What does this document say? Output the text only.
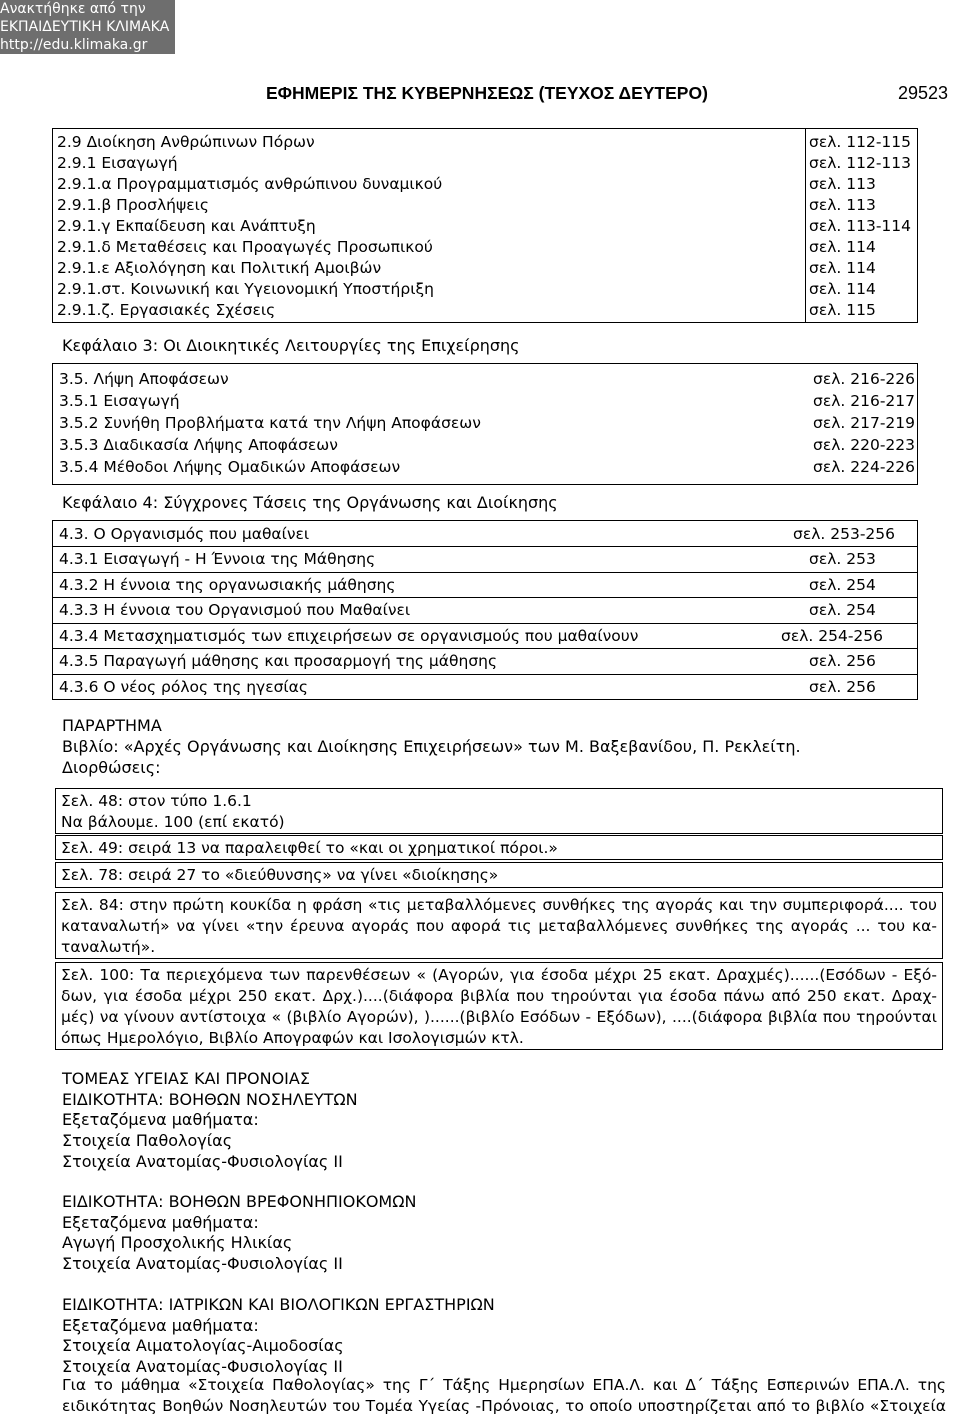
Ανακτήθηκε από την
ΕΚΠΑΙΔΕΥΤΙΚΗ ΚΛΙΜΑΚΑ
http://edu.klimaka.gr
ΕΦΗΜΕΡΙΣ ΤΗΣ ΚΥΒΕΡΝΗΣΕΩΣ (ΤΕΥΧΟΣ ΔΕΥΤΕΡΟ)	29523
2.9 Διοίκηση Ανθρώπινων Πόρων	σελ. 112-115
2.9.1 Εισαγωγή	σελ. 112-113
2.9.1.α Προγραμματισμός ανθρώπινου δυναμικού	σελ. 113
2.9.1.β Προσλήψεις	σελ. 113
2.9.1.γ Εκπαίδευση και Ανάπτυξη	σελ. 113-114
2.9.1.δ Μεταθέσεις και Προαγωγές Προσωπικού	σελ. 114
2.9.1.ε Αξιολόγηση και Πολιτική Αμοιβών	σελ. 114
2.9.1.στ. Κοινωνική και Υγειονομική Υποστήριξη	σελ. 114
2.9.1.ζ. Εργασιακές Σχέσεις	σελ. 115
Κεφάλαιο 3: Οι Διοικητικές Λειτουργίες της Επιχείρησης
3.5. Λήψη Αποφάσεων	σελ. 216-226
3.5.1 Εισαγωγή	σελ. 216-217
3.5.2 Συνήθη Προβλήματα κατά την Λήψη Αποφάσεων	σελ. 217-219
3.5.3 Διαδικασία Λήψης Αποφάσεων	σελ. 220-223
3.5.4 Μέθοδοι Λήψης Ομαδικών Αποφάσεων	σελ. 224-226
Κεφάλαιο 4: Σύγχρονες Τάσεις της Οργάνωσης και Διοίκησης
4.3. Ο Οργανισμός που μαθαίνει	σελ. 253-256
4.3.1 Εισαγωγή - Η Έννοια της Μάθησης	σελ. 253
4.3.2 Η έννοια της οργανωσιακής μάθησης	σελ. 254
4.3.3 Η έννοια του Οργανισμού που Μαθαίνει	σελ. 254
4.3.4 Μετασχηματισμός των επιχειρήσεων σε οργανισμούς που μαθαίνουν	σελ. 254-256
4.3.5 Παραγωγή μάθησης και προσαρμογή της μάθησης	σελ. 256
4.3.6 Ο νέος ρόλος της ηγεσίας	σελ. 256
ΠΑΡΑΡΤΗΜΑ
Βιβλίο: «Αρχές Οργάνωσης και Διοίκησης Επιχειρήσεων» των Μ. Βαξεβανίδου, Π. Ρεκλείτη.
Διορθώσεις:
Σελ. 48: στον τύπο 1.6.1
Να βάλουμε. 100 (επί εκατό)
Σελ. 49: σειρά 13 να παραλειφθεί το «και οι χρηματικοί πόροι.»
Σελ. 78: σειρά 27 το «διεύθυνσης» να γίνει «διοίκησης»
Σελ. 84: στην πρώτη κουκίδα η φράση «τις μεταβαλλόμενες συνθήκες της αγοράς και την συμπεριφορά.... του καταναλωτή» να γίνει «την έρευνα αγοράς που αφορά τις μεταβαλλόμενες συνθήκες της αγοράς ... του κα- ταναλωτή».
Σελ. 100: Τα περιεχόμενα των παρενθέσεων « (Αγορών, για έσοδα μέχρι 25 εκατ. Δραχμές)......(Εσόδων - Εξό- δων, για έσοδα μέχρι 250 εκατ. Δρχ.)....(διάφορα βιβλία που τηρούνται για έσοδα πάνω από 250 εκατ. Δραχ- μές) να γίνουν αντίστοιχα « (βιβλίο Αγορών), )......(βιβλίο Εσόδων - Εξόδων), ....(διάφορα βιβλία που τηρούνται όπως Ημερολόγιο, Βιβλίο Απογραφών και Ισολογισμών κτλ.
ΤΟΜΕΑΣ ΥΓΕΙΑΣ ΚΑΙ ΠΡΟΝΟΙΑΣ
ΕΙΔΙΚΟΤΗΤΑ: ΒΟΗΘΩΝ ΝΟΣΗΛΕΥΤΩΝ
Εξεταζόμενα μαθήματα:
Στοιχεία Παθολογίας
Στοιχεία Ανατομίας-Φυσιολογίας ΙΙ
ΕΙΔΙΚΟΤΗΤΑ: ΒΟΗΘΩΝ ΒΡΕΦΟΝΗΠΙΟΚΟΜΩΝ
Εξεταζόμενα μαθήματα:
Αγωγή Προσχολικής Ηλικίας
Στοιχεία Ανατομίας-Φυσιολογίας ΙΙ
ΕΙΔΙΚΟΤΗΤΑ: ΙΑΤΡΙΚΩΝ ΚΑΙ ΒΙΟΛΟΓΙΚΩΝ ΕΡΓΑΣΤΗΡΙΩΝ
Εξεταζόμενα μαθήματα:
Στοιχεία Αιματολογίας-Αιμοδοσίας
Στοιχεία Ανατομίας-Φυσιολογίας ΙΙ
Για το μάθημα «Στοιχεία Παθολογίας» της Γ΄ Τάξης Ημερησίων ΕΠΑ.Λ. και Δ΄ Τάξης Εσπερινών ΕΠΑ.Λ. της ειδικότητας Βοηθών Νοσηλευτών του Τομέα Υγείας -Πρόνοιας, το οποίο υποστηρίζεται από το βιβλίο «Στοιχεία
